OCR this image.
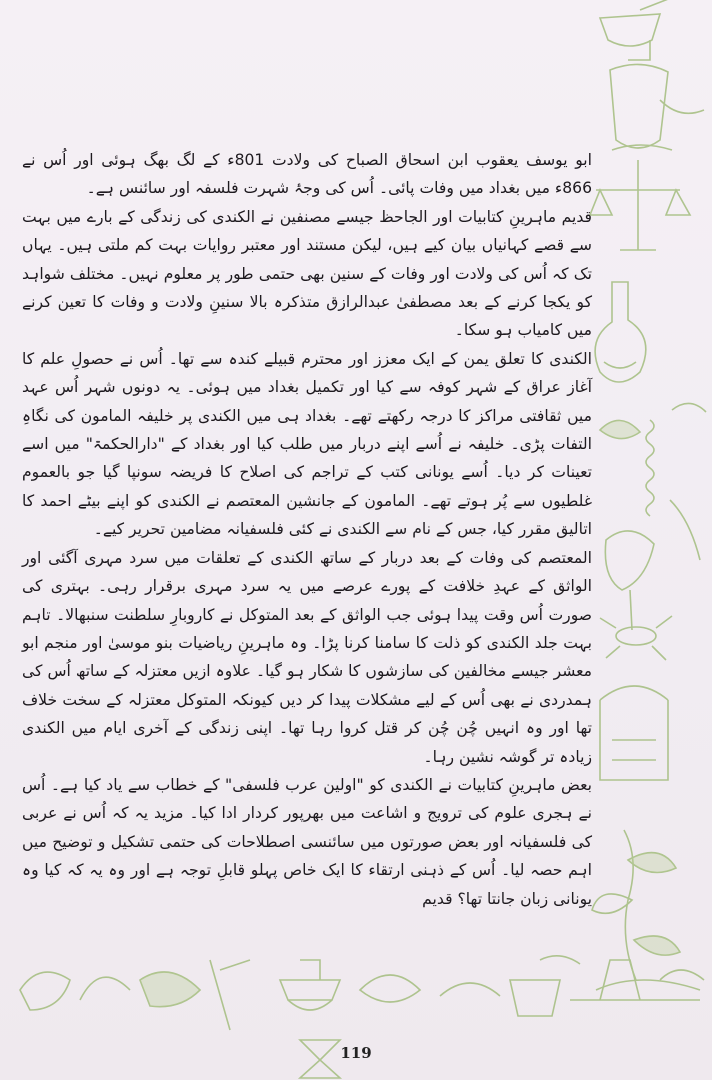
ابو یوسف یعقوب ابن اسحاق الصباح کی ولادت 801ء کے لگ بھگ ہوئی اور اُس نے 866ء میں بغداد میں وفات پائی۔ اُس کی وجۂ شہرت فلسفہ اور سائنس ہے۔

قدیم ماہرینِ کتابیات اور الجاحظ جیسے مصنفین نے الکندی کی زندگی کے بارے میں بہت سے قصے کہانیاں بیان کیے ہیں، لیکن مستند اور معتبر روایات بہت کم ملتی ہیں۔ یہاں تک کہ اُس کی ولادت اور وفات کے سنین بھی حتمی طور پر معلوم نہیں۔ مختلف شواہد کو یکجا کرنے کے بعد مصطفیٰ عبدالرازق متذکرہ بالا سنینِ ولادت و وفات کا تعین کرنے میں کامیاب ہو سکا۔

الکندی کا تعلق یمن کے ایک معزز اور محترم قبیلے کندہ سے تھا۔ اُس نے حصولِ علم کا آغاز عراق کے شہر کوفہ سے کیا اور تکمیل بغداد میں ہوئی۔ یہ دونوں شہر اُس عہد میں ثقافتی مراکز کا درجہ رکھتے تھے۔ بغداد ہی میں الکندی پر خلیفہ المامون کی نگاہِ التفات پڑی۔ خلیفہ نے اُسے اپنے دربار میں طلب کیا اور بغداد کے "دارالحکمۃ" میں اسے تعینات کر دیا۔ اُسے یونانی کتب کے تراجم کی اصلاح کا فریضہ سونپا گیا جو بالعموم غلطیوں سے پُر ہوتے تھے۔ المامون کے جانشین المعتصم نے الکندی کو اپنے بیٹے احمد کا اتالیق مقرر کیا، جس کے نام سے الکندی نے کئی فلسفیانہ مضامین تحریر کیے۔

المعتصم کی وفات کے بعد دربار کے ساتھ الکندی کے تعلقات میں سرد مہری آگئی اور الواثق کے عہدِ خلافت کے پورے عرصے میں یہ سرد مہری برقرار رہی۔ بہتری کی صورت اُس وقت پیدا ہوئی جب الواثق کے بعد المتوکل نے کاروبارِ سلطنت سنبھالا۔ تاہم بہت جلد الکندی کو ذلت کا سامنا کرنا پڑا۔ وہ ماہرینِ ریاضیات بنو موسیٰ اور منجم ابو معشر جیسے مخالفین کی سازشوں کا شکار ہو گیا۔ علاوہ ازیں معتزلہ کے ساتھ اُس کی ہمدردی نے بھی اُس کے لیے مشکلات پیدا کر دیں کیونکہ المتوکل معتزلہ کے سخت خلاف تھا اور وہ انہیں چُن چُن کر قتل کروا رہا تھا۔ اپنی زندگی کے آخری ایام میں الکندی زیادہ تر گوشہ نشین رہا۔

بعض ماہرینِ کتابیات نے الکندی کو "اولین عرب فلسفی" کے خطاب سے یاد کیا ہے۔ اُس نے ہجری علوم کی ترویج و اشاعت میں بھرپور کردار ادا کیا۔ مزید یہ کہ اُس نے عربی کی فلسفیانہ اور بعض صورتوں میں سائنسی اصطلاحات کی حتمی تشکیل و توضیح میں اہم حصہ لیا۔ اُس کے ذہنی ارتقاء کا ایک خاص پہلو قابلِ توجہ ہے اور وہ یہ کہ کیا وہ یونانی زبان جانتا تھا؟ قدیم

119
